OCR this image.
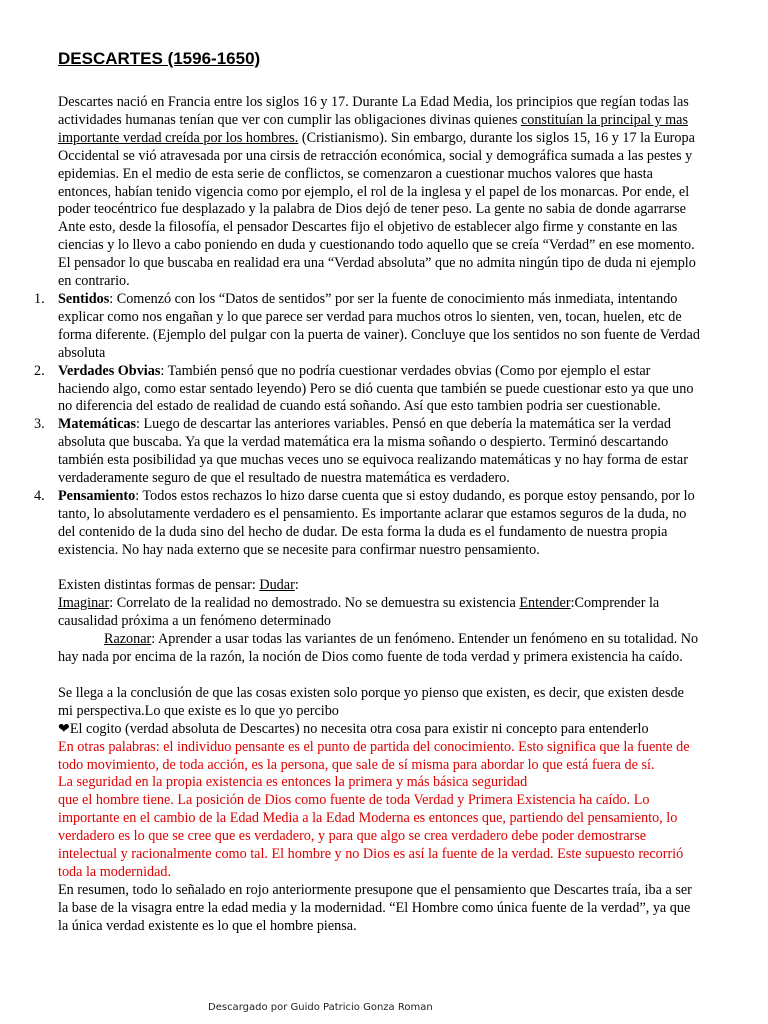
DESCARTES (1596-1650)

Descartes nació en Francia entre los siglos 16 y 17. Durante La Edad Media, los principios que regían todas las actividades humanas tenían que ver con cumplir las obligaciones divinas quienes constituían la principal y mas importante verdad creída por los hombres. (Cristianismo). Sin embargo, durante los siglos 15, 16 y 17 la Europa Occidental se vió atravesada por una cirsis de retracción económica, social y demográfica sumada a las pestes y epidemias. En el medio de esta serie de conflictos, se comenzaron a cuestionar muchos valores que hasta entonces, habían tenido vigencia como por ejemplo, el rol de la inglesa y el papel de los monarcas. Por ende, el poder teocéntrico fue desplazado y la palabra de Dios dejó de tener peso. La gente no sabia de donde agarrarse Ante esto, desde la filosofía, el pensador Descartes fijo el objetivo de establecer algo firme y constante en las ciencias y lo llevo a cabo poniendo en duda y cuestionando todo aquello que se creía “Verdad” en ese momento. El pensador lo que buscaba en realidad era una “Verdad absoluta” que no admita ningún tipo de duda ni ejemplo en contrario.

1. Sentidos: Comenzó con los “Datos de sentidos” por ser la fuente de conocimiento más inmediata, intentando explicar como nos engañan y lo que parece ser verdad para muchos otros lo sienten, ven, tocan, huelen, etc de forma diferente. (Ejemplo del pulgar con la puerta de vainer). Concluye que los sentidos no son fuente de Verdad absoluta
2. Verdades Obvias: También pensó que no podría cuestionar verdades obvias (Como por ejemplo el estar haciendo algo, como estar sentado leyendo) Pero se dió cuenta que también se puede cuestionar esto ya que uno no diferencia del estado de realidad de cuando está soñando. Así que esto tambien podria ser cuestionable.
3. Matemáticas: Luego de descartar las anteriores variables. Pensó en que debería la matemática ser la verdad absoluta que buscaba. Ya que la verdad matemática era la misma soñando o despierto. Terminó descartando también esta posibilidad ya que muchas veces uno se equivoca realizando matemáticas y no hay forma de estar verdaderamente seguro de que el resultado de nuestra matemática es verdadero.
4. Pensamiento: Todos estos rechazos lo hizo darse cuenta que si estoy dudando, es porque estoy pensando, por lo tanto, lo absolutamente verdadero es el pensamiento. Es importante aclarar que estamos seguros de la duda, no del contenido de la duda sino del hecho de dudar. De esta forma la duda es el fundamento de nuestra propia existencia. No hay nada externo que se necesite para confirmar nuestro pensamiento.

Existen distintas formas de pensar: Dudar:

Imaginar: Correlato de la realidad no demostrado. No se demuestra su existencia Entender:Comprender la causalidad próxima a un fenómeno determinado

Razonar: Aprender a usar todas las variantes de un fenómeno. Entender un fenómeno en su totalidad. No hay nada por encima de la razón, la noción de Dios como fuente de toda verdad y primera existencia ha caído.

Se llega a la conclusión de que las cosas existen solo porque yo pienso que existen, es decir, que existen desde mi perspectiva.Lo que existe es lo que yo percibo

❤El cogito (verdad absoluta de Descartes) no necesita otra cosa para existir ni concepto para entenderlo

En otras palabras: el individuo pensante es el punto de partida del conocimiento. Esto significa que la fuente de todo movimiento, de toda acción, es la persona, que sale de sí misma para abordar lo que está fuera de sí.

La seguridad en la propia existencia es entonces la primera y más básica seguridad

que el hombre tiene. La posición de Dios como fuente de toda Verdad y Primera Existencia ha caído. Lo importante en el cambio de la Edad Media a la Edad Moderna es entonces que, partiendo del pensamiento, lo verdadero es lo que se cree que es verdadero, y para que algo se crea verdadero debe poder demostrarse intelectual y racionalmente como tal. El hombre y no Dios es así la fuente de la verdad. Este supuesto recorrió toda la modernidad.

En resumen, todo lo señalado en rojo anteriormente presupone que el pensamiento que Descartes traía, iba a ser la base de la visagra entre la edad media y la modernidad. “El Hombre como única fuente de la verdad”, ya que la única verdad existente es lo que el hombre piensa.

Descargado por Guido Patricio Gonza Roman
